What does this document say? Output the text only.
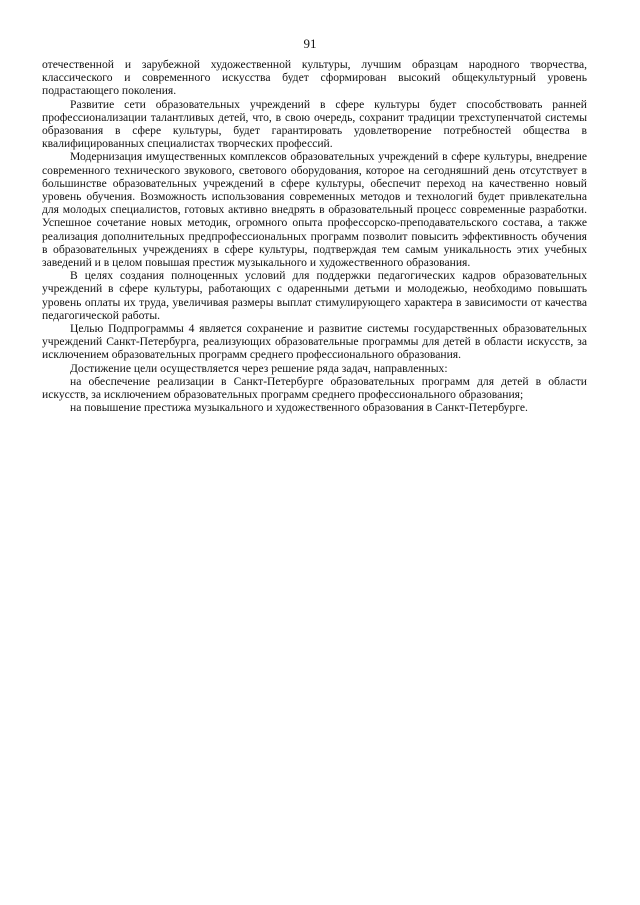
91

отечественной и зарубежной художественной культуры, лучшим образцам народного творчества, классического и современного искусства будет сформирован высокий общекультурный уровень подрастающего поколения.

Развитие сети образовательных учреждений в сфере культуры будет способствовать ранней профессионализации талантливых детей, что, в свою очередь, сохранит традиции трехступенчатой системы образования в сфере культуры, будет гарантировать удовлетворение потребностей общества в квалифицированных специалистах творческих профессий.

Модернизация имущественных комплексов образовательных учреждений в сфере культуры, внедрение современного технического звукового, светового оборудования, которое на сегодняшний день отсутствует в большинстве образовательных учреждений в сфере культуры, обеспечит переход на качественно новый уровень обучения. Возможность использования современных методов и технологий будет привлекательна для молодых специалистов, готовых активно внедрять в образовательный процесс современные разработки. Успешное сочетание новых методик, огромного опыта профессорско-преподавательского состава, а также реализация дополнительных предпрофессиональных программ позволит повысить эффективность обучения в образовательных учреждениях в сфере культуры, подтверждая тем самым уникальность этих учебных заведений и в целом повышая престиж музыкального и художественного образования.

В целях создания полноценных условий для поддержки педагогических кадров образовательных учреждений в сфере культуры, работающих с одаренными детьми и молодежью, необходимо повышать уровень оплаты их труда, увеличивая размеры выплат стимулирующего характера в зависимости от качества педагогической работы.

Целью Подпрограммы 4 является сохранение и развитие системы государственных образовательных учреждений Санкт-Петербурга, реализующих образовательные программы для детей в области искусств, за исключением образовательных программ среднего профессионального образования.

Достижение цели осуществляется через решение ряда задач, направленных:

на обеспечение реализации в Санкт-Петербурге образовательных программ для детей в области искусств, за исключением образовательных программ среднего профессионального образования;

на повышение престижа музыкального и художественного образования в Санкт-Петербурге.
